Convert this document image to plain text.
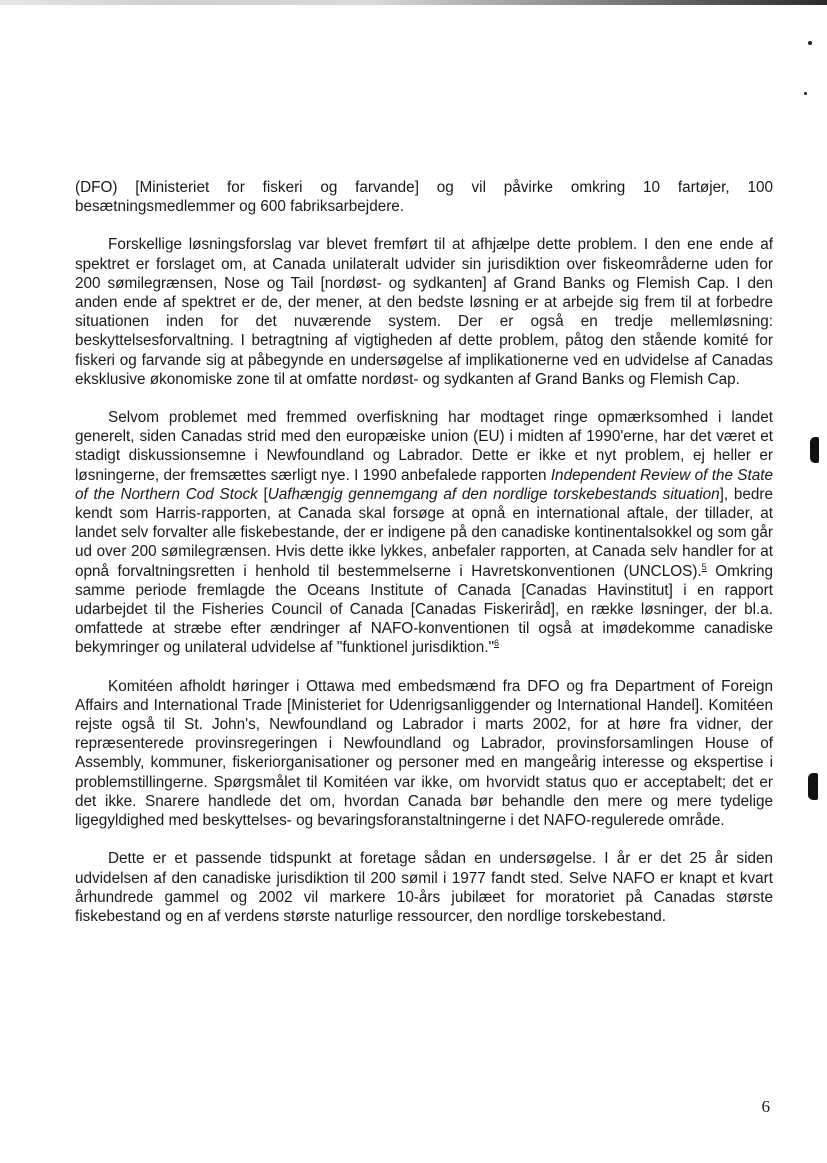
(DFO) [Ministeriet for fiskeri og farvande] og vil påvirke omkring 10 fartøjer, 100 besætningsmedlemmer og 600 fabriksarbejdere.

Forskellige løsningsforslag var blevet fremført til at afhjælpe dette problem. I den ene ende af spektret er forslaget om, at Canada unilateralt udvider sin jurisdiktion over fiskeområderne uden for 200 sømilegrænsen, Nose og Tail [nordøst- og sydkanten] af Grand Banks og Flemish Cap. I den anden ende af spektret er de, der mener, at den bedste løsning er at arbejde sig frem til at forbedre situationen inden for det nuværende system. Der er også en tredje mellemløsning: beskyttelsesforvaltning. I betragtning af vigtigheden af dette problem, påtog den stående komité for fiskeri og farvande sig at påbegynde en undersøgelse af implikationerne ved en udvidelse af Canadas eksklusive økonomiske zone til at omfatte nordøst- og sydkanten af Grand Banks og Flemish Cap.

Selvom problemet med fremmed overfiskning har modtaget ringe opmærksomhed i landet generelt, siden Canadas strid med den europæiske union (EU) i midten af 1990'erne, har det været et stadigt diskussionsemne i Newfoundland og Labrador. Dette er ikke et nyt problem, ej heller er løsningerne, der fremsættes særligt nye. I 1990 anbefalede rapporten Independent Review of the State of the Northern Cod Stock [Uafhængig gennemgang af den nordlige torskebestands situation], bedre kendt som Harris-rapporten, at Canada skal forsøge at opnå en international aftale, der tillader, at landet selv forvalter alle fiskebestande, der er indigene på den canadiske kontinentalsokkel og som går ud over 200 sømilegrænsen. Hvis dette ikke lykkes, anbefaler rapporten, at Canada selv handler for at opnå forvaltningsretten i henhold til bestemmelserne i Havretskonventionen (UNCLOS).$^5$ Omkring samme periode fremlagde the Oceans Institute of Canada [Canadas Havinstitut] i en rapport udarbejdet til the Fisheries Council of Canada [Canadas Fiskeriråd], en række løsninger, der bl.a. omfattede at stræbe efter ændringer af NAFO-konventionen til også at imødekomme canadiske bekymringer og unilateral udvidelse af "funktionel jurisdiktion."$^6$

Komitéen afholdt høringer i Ottawa med embedsmænd fra DFO og fra Department of Foreign Affairs and International Trade [Ministeriet for Udenrigsanliggender og International Handel]. Komitéen rejste også til St. John's, Newfoundland og Labrador i marts 2002, for at høre fra vidner, der repræsenterede provinsregeringen i Newfoundland og Labrador, provinsforsamlingen House of Assembly, kommuner, fiskeriorganisationer og personer med en mangeårig interesse og ekspertise i problemstillingerne. Spørgsmålet til Komitéen var ikke, om hvorvidt status quo er acceptabelt; det er det ikke. Snarere handlede det om, hvordan Canada bør behandle den mere og mere tydelige ligegyldighed med beskyttelses- og bevaringsforanstaltningerne i det NAFO-regulerede område.

Dette er et passende tidspunkt at foretage sådan en undersøgelse. I år er det 25 år siden udvidelsen af den canadiske jurisdiktion til 200 sømil i 1977 fandt sted. Selve NAFO er knapt et kvart århundrede gammel og 2002 vil markere 10-års jubilæet for moratoriet på Canadas største fiskebestand og en af verdens største naturlige ressourcer, den nordlige torskebestand.

6
